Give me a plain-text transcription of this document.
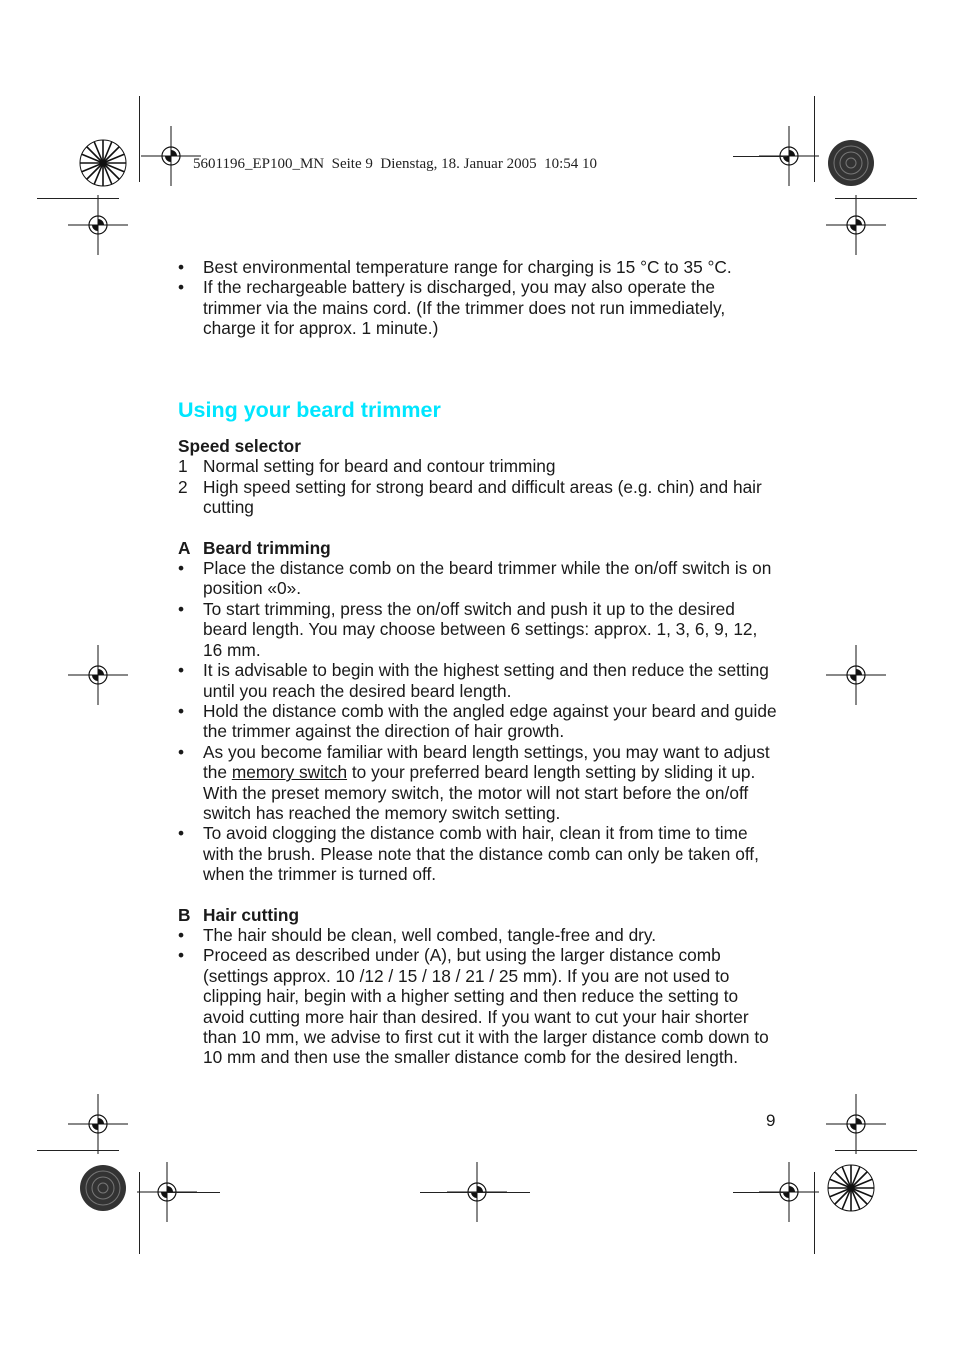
5601196_EP100_MN  Seite 9  Dienstag, 18. Januar 2005  10:54 10
• Best environmental temperature range for charging is 15 °C to 35 °C.
• If the rechargeable battery is discharged, you may also operate the trimmer via the mains cord. (If the trimmer does not run immediately, charge it for approx. 1 minute.)
Using your beard trimmer
Speed selector
1 Normal setting for beard and contour trimming
2 High speed setting for strong beard and difficult areas (e.g. chin) and hair cutting
A Beard trimming
• Place the distance comb on the beard trimmer while the on/off switch is on position «0».
• To start trimming, press the on/off switch and push it up to the desired beard length. You may choose between 6 settings: approx. 1, 3, 6, 9, 12, 16 mm.
• It is advisable to begin with the highest setting and then reduce the setting until you reach the desired beard length.
• Hold the distance comb with the angled edge against your beard and guide the trimmer against the direction of hair growth.
• As you become familiar with beard length settings, you may want to adjust the memory switch to your preferred beard length setting by sliding it up. With the preset memory switch, the motor will not start before the on/off switch has reached the memory switch setting.
• To avoid clogging the distance comb with hair, clean it from time to time with the brush. Please note that the distance comb can only be taken off, when the trimmer is turned off.
B Hair cutting
• The hair should be clean, well combed, tangle-free and dry.
• Proceed as described under (A), but using the larger distance comb (settings approx. 10 /12 / 15 / 18 / 21 / 25 mm). If you are not used to clipping hair, begin with a higher setting and then reduce the setting to avoid cutting more hair than desired. If you want to cut your hair shorter than 10 mm, we advise to first cut it with the larger distance comb down to 10 mm and then use the smaller distance comb for the desired length.
9
